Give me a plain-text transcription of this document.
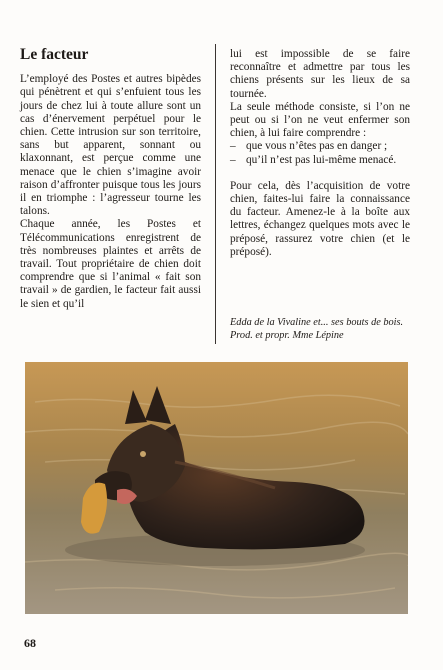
Le facteur

L’employé des Postes et autres bipèdes qui pénètrent et qui s’enfuient tous les jours de chez lui à toute allure sont un cas d’énervement perpétuel pour le chien. Cette intrusion sur son territoire, sans but apparent, sonnant ou klaxonnant, est perçue comme une menace que le chien s’imagine avoir raison d’affronter puisque tous les jours il en triomphe : l’agresseur tourne les talons.

Chaque année, les Postes et Télécommunications enregistrent de très nombreuses plaintes et arrêts de travail. Tout propriétaire de chien doit comprendre que si l’animal « fait son travail » de gardien, le facteur fait aussi le sien et qu’il

lui est impossible de se faire reconnaître et admettre par tous les chiens présents sur les lieux de sa tournée.

La seule méthode consiste, si l’on ne peut ou si l’on ne veut enfermer son chien, à lui faire comprendre :

– que vous n’êtes pas en danger ;
– qu’il n’est pas lui-même menacé.

Pour cela, dès l’acquisition de votre chien, faites-lui faire la connaissance du facteur. Amenez-le à la boîte aux lettres, échangez quelques mots avec le préposé, rassurez votre chien (et le préposé).

Edda de la Vivaline et... ses bouts de bois. Prod. et propr. Mme Lépine
68
